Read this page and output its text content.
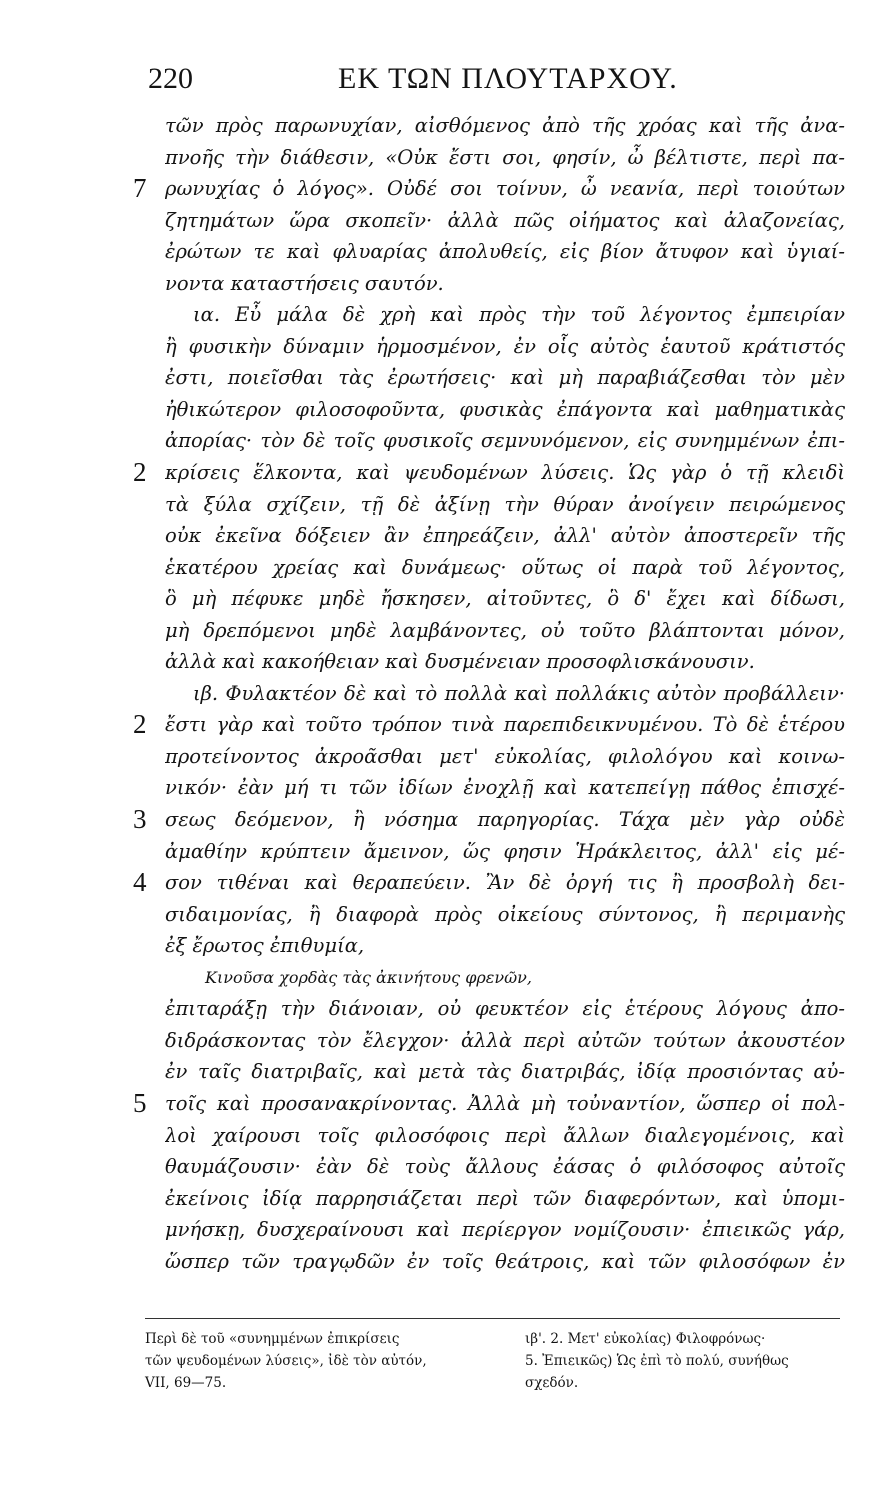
220	ΕΚ ΤΩΝ ΠΛΟΥΤΑΡΧΟΥ.
7
2
2
3
4
5
τῶν πρὸς παρωνυχίαν, αἰσθόμενος ἀπὸ τῆς χρόας καὶ τῆς ἀνα-
πνοῆς τὴν διάθεσιν, «Οὐκ ἔστι σοι, φησίν, ὦ βέλτιστε, περὶ πα-
ρωνυχίας ὁ λόγος». Οὐδέ σοι τοίνυν, ὦ νεανία, περὶ τοιούτων
ζητημάτων ὥρα σκοπεῖν· ἀλλὰ πῶς οἰήματος καὶ ἀλαζονείας,
ἐρώτων τε καὶ φλυαρίας ἀπολυθείς, εἰς βίον ἄτυφον καὶ ὑγιαί-
νοντα καταστήσεις σαυτόν.
ια. Εὖ μάλα δὲ χρὴ καὶ πρὸς τὴν τοῦ λέγοντος ἐμπειρίαν
ἢ φυσικὴν δύναμιν ἡρμοσμένον, ἐν οἷς αὐτὸς ἑαυτοῦ κράτιστός
ἐστι, ποιεῖσθαι τὰς ἐρωτήσεις· καὶ μὴ παραβιάζεσθαι τὸν μὲν
ἠθικώτερον φιλοσοφοῦντα, φυσικὰς ἐπάγοντα καὶ μαθηματικὰς
ἀπορίας· τὸν δὲ τοῖς φυσικοῖς σεμνυνόμενον, εἰς συνημμένων ἐπι-
κρίσεις ἕλκοντα, καὶ ψευδομένων λύσεις. Ὡς γὰρ ὁ τῇ κλειδὶ
τὰ ξύλα σχίζειν, τῇ δὲ ἀξίνῃ τὴν θύραν ἀνοίγειν πειρώμενος
οὐκ ἐκεῖνα δόξειεν ἂν ἐπηρεάζειν, ἀλλ' αὐτὸν ἀποστερεῖν τῆς
ἑκατέρου χρείας καὶ δυνάμεως· οὕτως οἱ παρὰ τοῦ λέγοντος,
ὃ μὴ πέφυκε μηδὲ ἤσκησεν, αἰτοῦντες, ὃ δ' ἔχει καὶ δίδωσι,
μὴ δρεπόμενοι μηδὲ λαμβάνοντες, οὐ τοῦτο βλάπτονται μόνον,
ἀλλὰ καὶ κακοήθειαν καὶ δυσμένειαν προσοφλισκάνουσιν.
ιβ. Φυλακτέον δὲ καὶ τὸ πολλὰ καὶ πολλάκις αὐτὸν προβάλλειν·
ἔστι γὰρ καὶ τοῦτο τρόπον τινὰ παρεπιδεικνυμένου. Τὸ δὲ ἑτέρου
προτείνοντος ἀκροᾶσθαι μετ' εὐκολίας, φιλολόγου καὶ κοινω-
νικόν· ἐὰν μή τι τῶν ἰδίων ἐνοχλῇ καὶ κατεπείγῃ πάθος ἐπισχέ-
σεως δεόμενον, ἢ νόσημα παρηγορίας. Τάχα μὲν γὰρ οὐδὲ
ἀμαθίην κρύπτειν ἄμεινον, ὥς φησιν Ἡράκλειτος, ἀλλ' εἰς μέ-
σον τιθέναι καὶ θεραπεύειν. Ἂν δὲ ὀργή τις ἢ προσβολὴ δει-
σιδαιμονίας, ἢ διαφορὰ πρὸς οἰκείους σύντονος, ἢ περιμανὴς
ἐξ ἔρωτος ἐπιθυμία,
Κινοῦσα χορδὰς τὰς ἀκινήτους φρενῶν,
ἐπιταράξῃ τὴν διάνοιαν, οὐ φευκτέον εἰς ἑτέρους λόγους ἀπο-
διδράσκοντας τὸν ἔλεγχον· ἀλλὰ περὶ αὐτῶν τούτων ἀκουστέον
ἐν ταῖς διατριβαῖς, καὶ μετὰ τὰς διατριβάς, ἰδίᾳ προσιόντας αὐ-
τοῖς καὶ προσανακρίνοντας. Ἀλλὰ μὴ τοὐναντίον, ὥσπερ οἱ πολ-
λοὶ χαίρουσι τοῖς φιλοσόφοις περὶ ἄλλων διαλεγομένοις, καὶ
θαυμάζουσιν· ἐὰν δὲ τοὺς ἄλλους ἐάσας ὁ φιλόσοφος αὐτοῖς
ἐκείνοις ἰδίᾳ παρρησιάζεται περὶ τῶν διαφερόντων, καὶ ὑπομι-
μνήσκῃ, δυσχεραίνουσι καὶ περίεργον νομίζουσιν· ἐπιεικῶς γάρ,
ὥσπερ τῶν τραγῳδῶν ἐν τοῖς θεάτροις, καὶ τῶν φιλοσόφων ἐν
Περὶ δὲ τοῦ «συνημμένων ἐπικρίσεις
τῶν ψευδομένων λύσεις», ἰδὲ τὸν αὐτόν,
VII, 69—75.
ιβ'. 2. Μετ' εὐκολίας) Φιλοφρόνως·
5. Ἐπιεικῶς) Ὡς ἐπὶ τὸ πολύ, συνήθως
σχεδόν.
